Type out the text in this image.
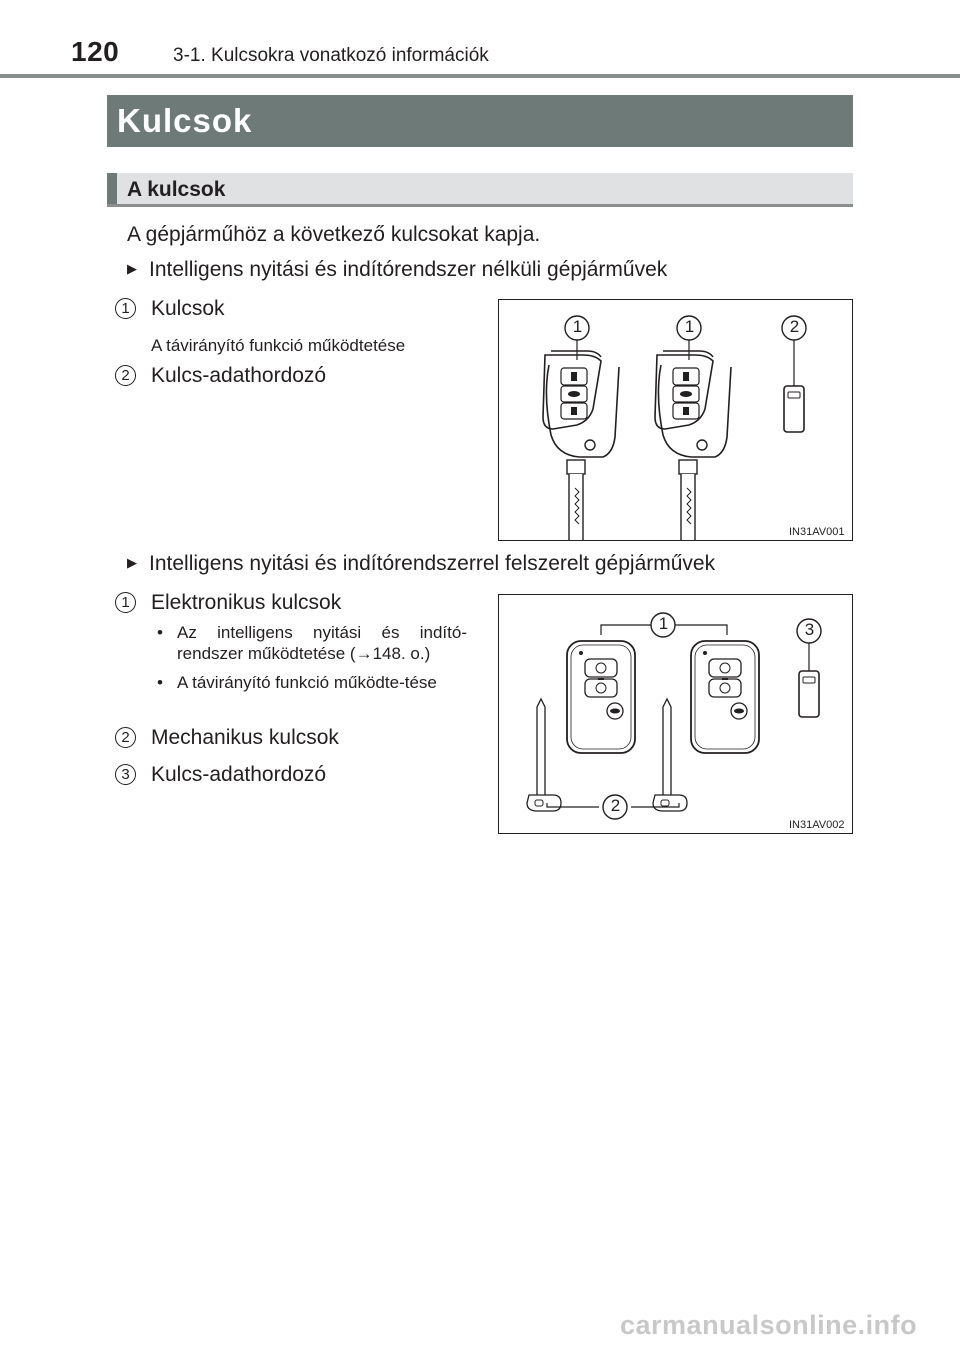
120	3-1. Kulcsokra vonatkozó információk
Kulcsok
A kulcsok
A gépjárműhöz a következő kulcsokat kapja.
▶ Intelligens nyitási és indítórendszer nélküli gépjárművek
1	Kulcsok
A távirányító funkció működtetése
2	Kulcs-adathordozó
1	1	2
IN31AV001
▶ Intelligens nyitási és indítórendszerrel felszerelt gépjárművek
1	Elektronikus kulcsok
• Az intelligens nyitási és indító-rendszer működtetése (→148. o.)
• A távirányító funkció működte-tése
2	Mechanikus kulcsok
3	Kulcs-adathordozó
1	3
2
IN31AV002
carmanualsonline.info
